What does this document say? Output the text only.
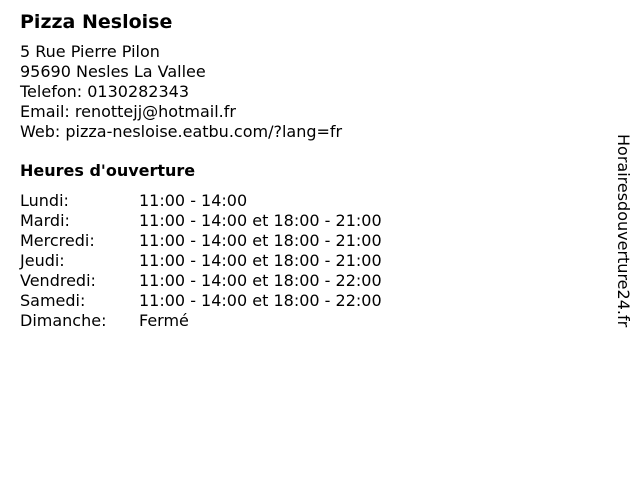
Pizza Nesloise
5 Rue Pierre Pilon
95690 Nesles La Vallee
Telefon: 0130282343
Email: renottejj@hotmail.fr
Web: pizza-nesloise.eatbu.com/?lang=fr
Heures d'ouverture
Lundi:	11:00 - 14:00
Mardi:	11:00 - 14:00 et 18:00 - 21:00
Mercredi:	11:00 - 14:00 et 18:00 - 21:00
Jeudi:	11:00 - 14:00 et 18:00 - 21:00
Vendredi:	11:00 - 14:00 et 18:00 - 22:00
Samedi:	11:00 - 14:00 et 18:00 - 22:00
Dimanche:	Fermé	Horairesdouverture24.fr
